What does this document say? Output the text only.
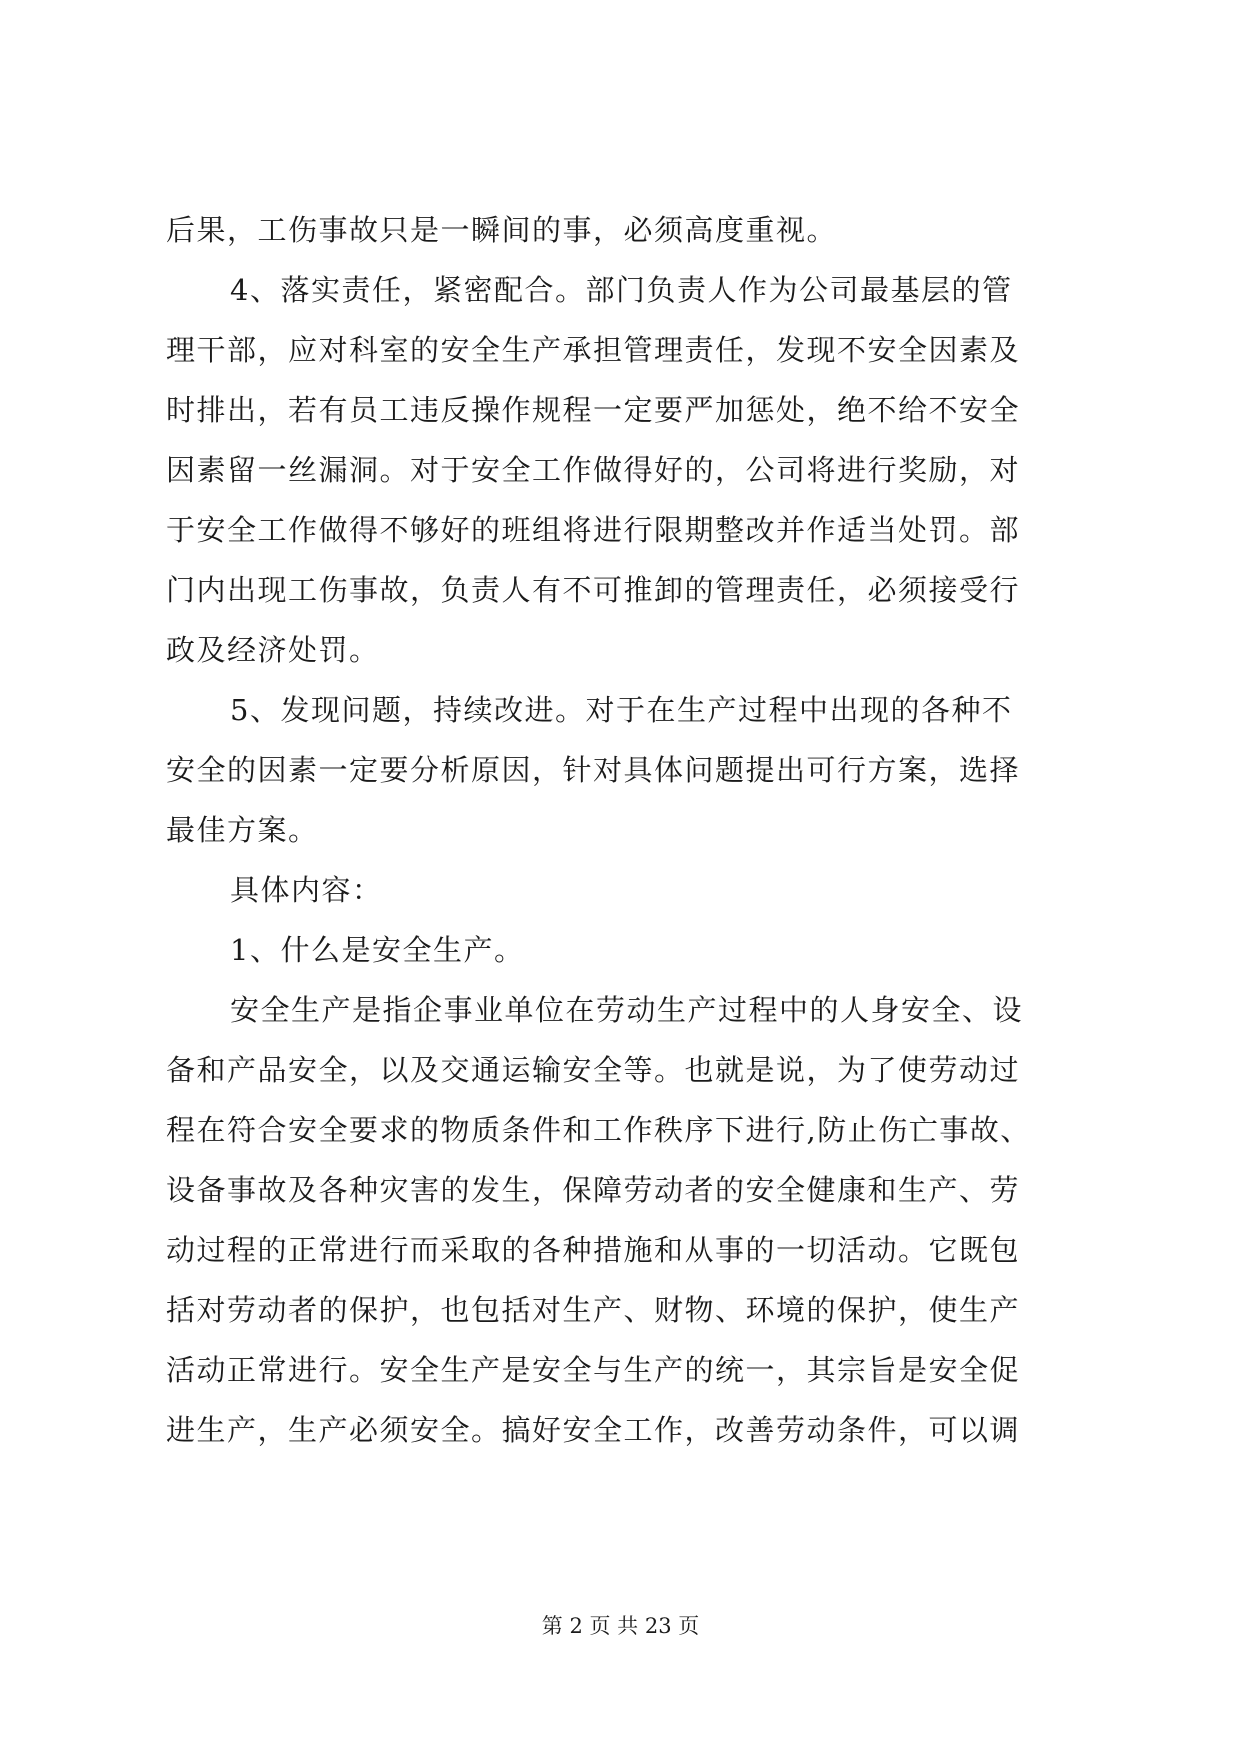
后果，工伤事故只是一瞬间的事，必须高度重视。
4、落实责任，紧密配合。部门负责人作为公司最基层的管
理干部，应对科室的安全生产承担管理责任，发现不安全因素及
时排出，若有员工违反操作规程一定要严加惩处，绝不给不安全
因素留一丝漏洞。对于安全工作做得好的，公司将进行奖励，对
于安全工作做得不够好的班组将进行限期整改并作适当处罚。部
门内出现工伤事故，负责人有不可推卸的管理责任，必须接受行
政及经济处罚。
5、发现问题，持续改进。对于在生产过程中出现的各种不
安全的因素一定要分析原因，针对具体问题提出可行方案，选择
最佳方案。
具体内容：
1、什么是安全生产。
安全生产是指企事业单位在劳动生产过程中的人身安全、设
备和产品安全，以及交通运输安全等。也就是说，为了使劳动过
程在符合安全要求的物质条件和工作秩序下进行,防止伤亡事故、
设备事故及各种灾害的发生，保障劳动者的安全健康和生产、劳
动过程的正常进行而采取的各种措施和从事的一切活动。它既包
括对劳动者的保护，也包括对生产、财物、环境的保护，使生产
活动正常进行。安全生产是安全与生产的统一，其宗旨是安全促
进生产，生产必须安全。搞好安全工作，改善劳动条件，可以调
第 2 页 共 23 页
